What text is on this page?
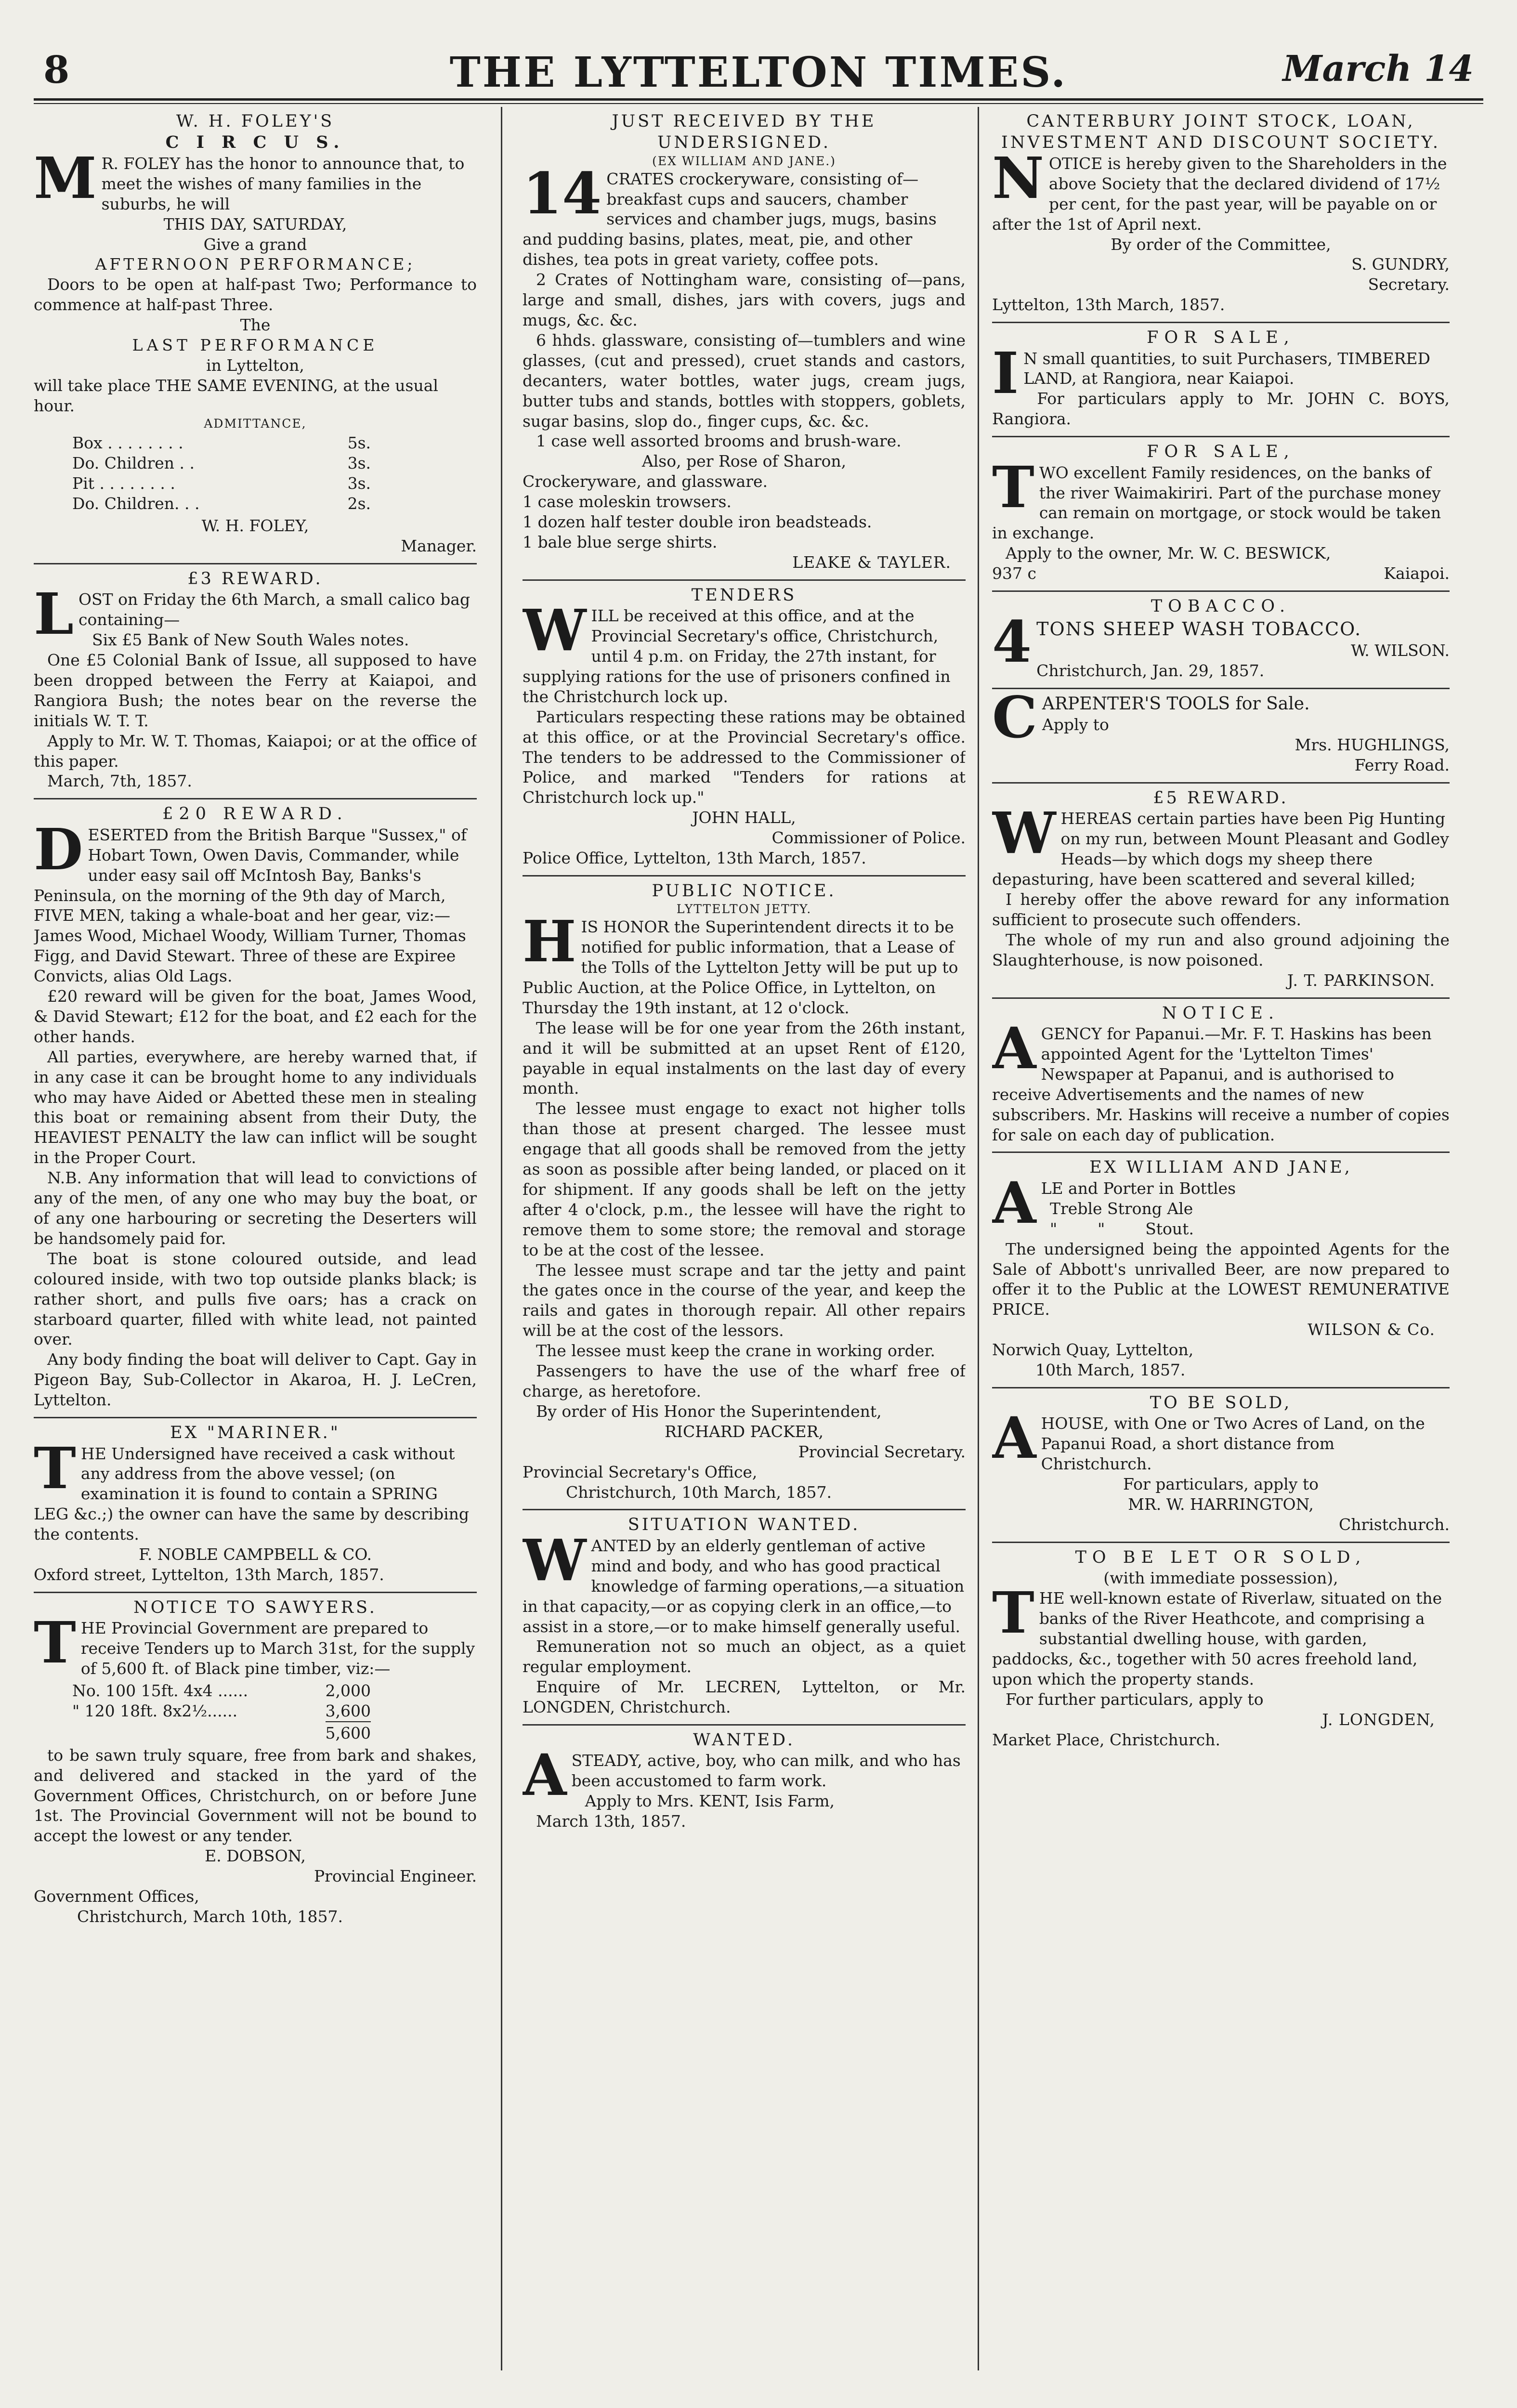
8	THE LYTTELTON TIMES.	March 14
W. H. FOLEY'S
C I R C U S.
M R. FOLEY has the honor to announce that, to meet the wishes of many families in the suburbs, he will
THIS DAY, SATURDAY,
Give a grand
AFTERNOON PERFORMANCE;

Doors to be open at half-past Two; Performance to commence at half-past Three.

The
LAST PERFORMANCE
in Lyttelton,
will take place THE SAME EVENING, at the usual hour.
ADMITTANCE,
Box . . . . . . . .	5s.
Do. Children . .	3s.
Pit . . . . . . . .	3s.
Do. Children. . .	2s.
W. H. FOLEY,
Manager.
£3 REWARD.
LOST on Friday the 6th March, a small calico bag containing—

Six £5 Bank of New South Wales notes.

One £5 Colonial Bank of Issue, all supposed to have been dropped between the Ferry at Kaiapoi, and Rangiora Bush; the notes bear on the reverse the initials W. T. T.

Apply to Mr. W. T. Thomas, Kaiapoi; or at the office of this paper.

March, 7th, 1857.

£20 REWARD.
DESERTED from the British Barque "Sussex," of Hobart Town, Owen Davis, Commander, while under easy sail off McIntosh Bay, Banks's Peninsula, on the morning of the 9th day of March, FIVE MEN, taking a whale-boat and her gear, viz:—James Wood, Michael Woody, William Turner, Thomas Figg, and David Stewart. Three of these are Expiree Convicts, alias Old Lags.

£20 reward will be given for the boat, James Wood, & David Stewart; £12 for the boat, and £2 each for the other hands.

All parties, everywhere, are hereby warned that, if in any case it can be brought home to any individuals who may have Aided or Abetted these men in stealing this boat or remaining absent from their Duty, the HEAVIEST PENALTY the law can inflict will be sought in the Proper Court.

N.B. Any information that will lead to convictions of any of the men, of any one who may buy the boat, or of any one harbouring or secreting the Deserters will be handsomely paid for.

The boat is stone coloured outside, and lead coloured inside, with two top outside planks black; is rather short, and pulls five oars; has a crack on starboard quarter, filled with white lead, not painted over.

Any body finding the boat will deliver to Capt. Gay in Pigeon Bay, Sub-Collector in Akaroa, H. J. LeCren, Lyttelton.

EX "MARINER."
THE Undersigned have received a cask without any address from the above vessel; (on examination it is found to contain a SPRING LEG &c.;) the owner can have the same by describing the contents.
F. NOBLE CAMPBELL & CO.
Oxford street, Lyttelton, 13th March, 1857.
NOTICE TO SAWYERS.
THE Provincial Government are prepared to receive Tenders up to March 31st, for the supply of 5,600 ft. of Black pine timber, viz:—
No. 100 15ft. 4x4 ......	2,000
" 120 18ft. 8x2½......	3,600
5,600

to be sawn truly square, free from bark and shakes, and delivered and stacked in the yard of the Government Offices, Christchurch, on or before June 1st. The Provincial Government will not be bound to accept the lowest or any tender.

E. DOBSON,
Provincial Engineer.
Government Offices,
Christchurch, March 10th, 1857.
JUST RECEIVED BY THE UNDERSIGNED.
(EX WILLIAM AND JANE.)
14 CRATES crockeryware, consisting of—breakfast cups and saucers, chamber services and chamber jugs, mugs, basins and pudding basins, plates, meat, pie, and other dishes, tea pots in great variety, coffee pots.

2 Crates of Nottingham ware, consisting of—pans, large and small, dishes, jars with covers, jugs and mugs, &c. &c.

6 hhds. glassware, consisting of—tumblers and wine glasses, (cut and pressed), cruet stands and castors, decanters, water bottles, water jugs, cream jugs, butter tubs and stands, bottles with stoppers, goblets, sugar basins, slop do., finger cups, &c. &c.

1 case well assorted brooms and brush-ware.

Also, per Rose of Sharon,
Crockeryware, and glassware.
1 case moleskin trowsers.
1 dozen half tester double iron beadsteads.
1 bale blue serge shirts.
LEAKE & TAYLER.
TENDERS
WILL be received at this office, and at the Provincial Secretary's office, Christchurch, until 4 p.m. on Friday, the 27th instant, for supplying rations for the use of prisoners confined in the Christchurch lock up.

Particulars respecting these rations may be obtained at this office, or at the Provincial Secretary's office. The tenders to be addressed to the Commissioner of Police, and marked "Tenders for rations at Christchurch lock up."

JOHN HALL,
Commissioner of Police.
Police Office, Lyttelton, 13th March, 1857.
PUBLIC NOTICE.
LYTTELTON JETTY.
HIS HONOR the Superintendent directs it to be notified for public information, that a Lease of the Tolls of the Lyttelton Jetty will be put up to Public Auction, at the Police Office, in Lyttelton, on Thursday the 19th instant, at 12 o'clock.

The lease will be for one year from the 26th instant, and it will be submitted at an upset Rent of £120, payable in equal instalments on the last day of every month.

The lessee must engage to exact not higher tolls than those at present charged. The lessee must engage that all goods shall be removed from the jetty as soon as possible after being landed, or placed on it for shipment. If any goods shall be left on the jetty after 4 o'clock, p.m., the lessee will have the right to remove them to some store; the removal and storage to be at the cost of the lessee.

The lessee must scrape and tar the jetty and paint the gates once in the course of the year, and keep the rails and gates in thorough repair. All other repairs will be at the cost of the lessors.

The lessee must keep the crane in working order.

Passengers to have the use of the wharf free of charge, as heretofore.

By order of His Honor the Superintendent,

RICHARD PACKER,
Provincial Secretary.
Provincial Secretary's Office,
Christchurch, 10th March, 1857.
SITUATION WANTED.
WANTED by an elderly gentleman of active mind and body, and who has good practical knowledge of farming operations,—a situation in that capacity,—or as copying clerk in an office,—to assist in a store,—or to make himself generally useful.

Remuneration not so much an object, as a quiet regular employment.

Enquire of Mr. LECREN, Lyttelton, or Mr. LONGDEN, Christchurch.

WANTED.
ASTEADY, active, boy, who can milk, and who has been accustomed to farm work.

Apply to Mrs. KENT, Isis Farm,

March 13th, 1857.

CANTERBURY JOINT STOCK, LOAN, INVESTMENT AND DISCOUNT SOCIETY.
NOTICE is hereby given to the Shareholders in the above Society that the declared dividend of 17½ per cent, for the past year, will be payable on or after the 1st of April next.
By order of the Committee,
S. GUNDRY,
Secretary.
Lyttelton, 13th March, 1857.
FOR SALE,
I N small quantities, to suit Purchasers, TIMBERED LAND, at Rangiora, near Kaiapoi.

For particulars apply to Mr. JOHN C. BOYS, Rangiora.

FOR SALE,
TWO excellent Family residences, on the banks of the river Waimakiriri. Part of the purchase money can remain on mortgage, or stock would be taken in exchange.

Apply to the owner, Mr. W. C. BESWICK,

937 c	Kaiapoi.
TOBACCO.
4 TONS SHEEP WASH TOBACCO.
W. WILSON.
Christchurch, Jan. 29, 1857.
CARPENTER'S TOOLS for Sale.
Apply to
Mrs. HUGHLINGS,
Ferry Road.
£5 REWARD.
WHEREAS certain parties have been Pig Hunting on my run, between Mount Pleasant and Godley Heads—by which dogs my sheep there depasturing, have been scattered and several killed;

I hereby offer the above reward for any information sufficient to prosecute such offenders.

The whole of my run and also ground adjoining the Slaughterhouse, is now poisoned.

J. T. PARKINSON.
NOTICE.
AGENCY for Papanui.—Mr. F. T. Haskins has been appointed Agent for the 'Lyttelton Times' Newspaper at Papanui, and is authorised to receive Advertisements and the names of new subscribers. Mr. Haskins will receive a number of copies for sale on each day of publication.
EX WILLIAM AND JANE,
ALE and Porter in Bottles
Treble Strong Ale
"        "        Stout.

The undersigned being the appointed Agents for the Sale of Abbott's unrivalled Beer, are now prepared to offer it to the Public at the LOWEST REMUNERATIVE PRICE.

WILSON & Co.
Norwich Quay, Lyttelton,
10th March, 1857.
TO BE SOLD,
AHOUSE, with One or Two Acres of Land, on the Papanui Road, a short distance from Christchurch.
For particulars, apply to
MR. W. HARRINGTON,
Christchurch.
TO BE LET OR SOLD,
(with immediate possession),
THE well-known estate of Riverlaw, situated on the banks of the River Heathcote, and comprising a substantial dwelling house, with garden, paddocks, &c., together with 50 acres freehold land, upon which the property stands.

For further particulars, apply to

J. LONGDEN,
Market Place, Christchurch.
